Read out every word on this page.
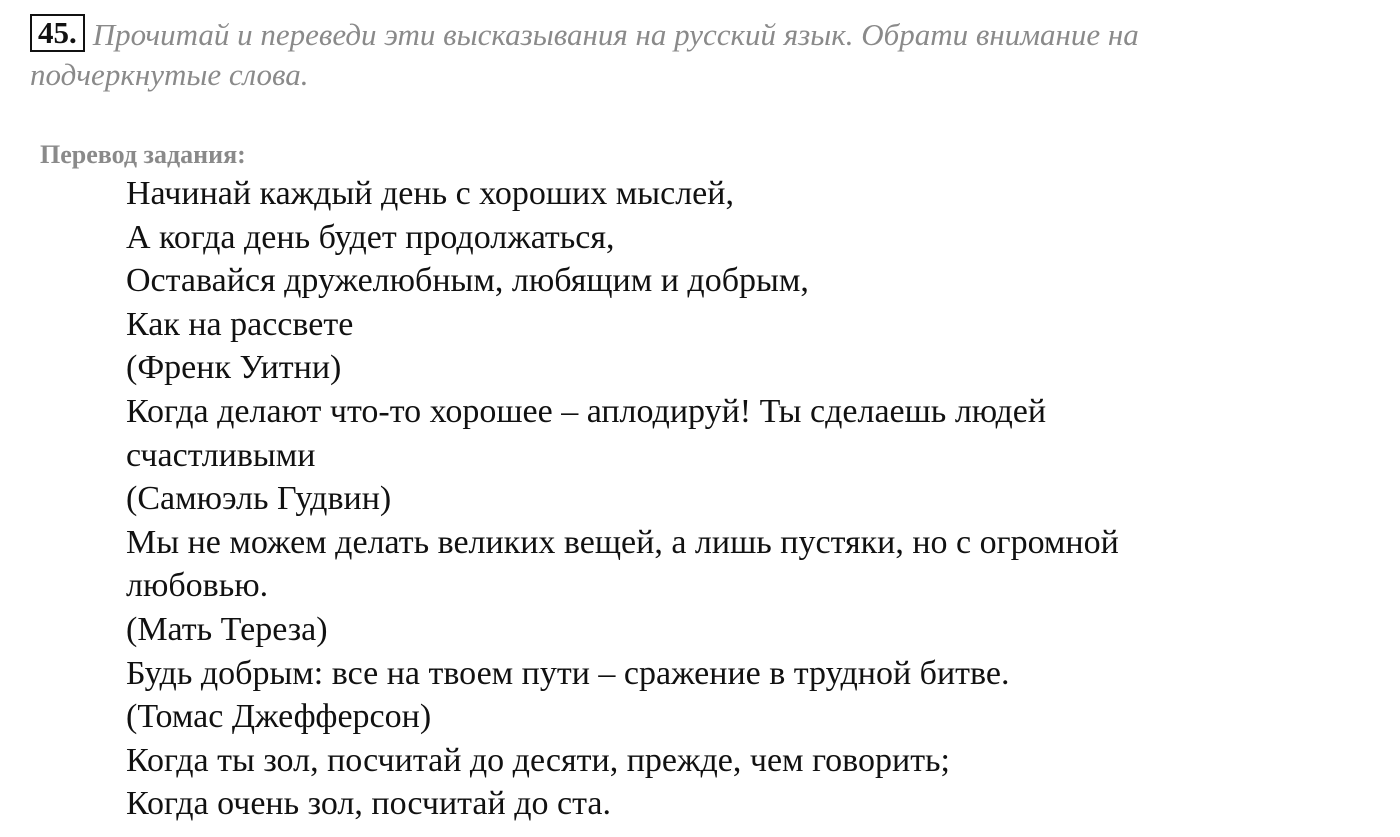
45. Прочитай и переведи эти высказывания на русский язык. Обрати внимание на
подчеркнутые слова.
Перевод задания:
Начинай каждый день с хороших мыслей,
А когда день будет продолжаться,
Оставайся дружелюбным, любящим и добрым,
Как на рассвете
(Френк Уитни)
Когда делают что-то хорошее – аплодируй! Ты сделаешь людей
счастливыми
(Самюэль Гудвин)
Мы не можем делать великих вещей, а лишь пустяки, но с огромной
любовью.
(Мать Тереза)
Будь добрым: все на твоем пути – сражение в трудной битве.
(Томас Джефферсон)
Когда ты зол, посчитай до десяти, прежде, чем говорить;
Когда очень зол, посчитай до ста.
